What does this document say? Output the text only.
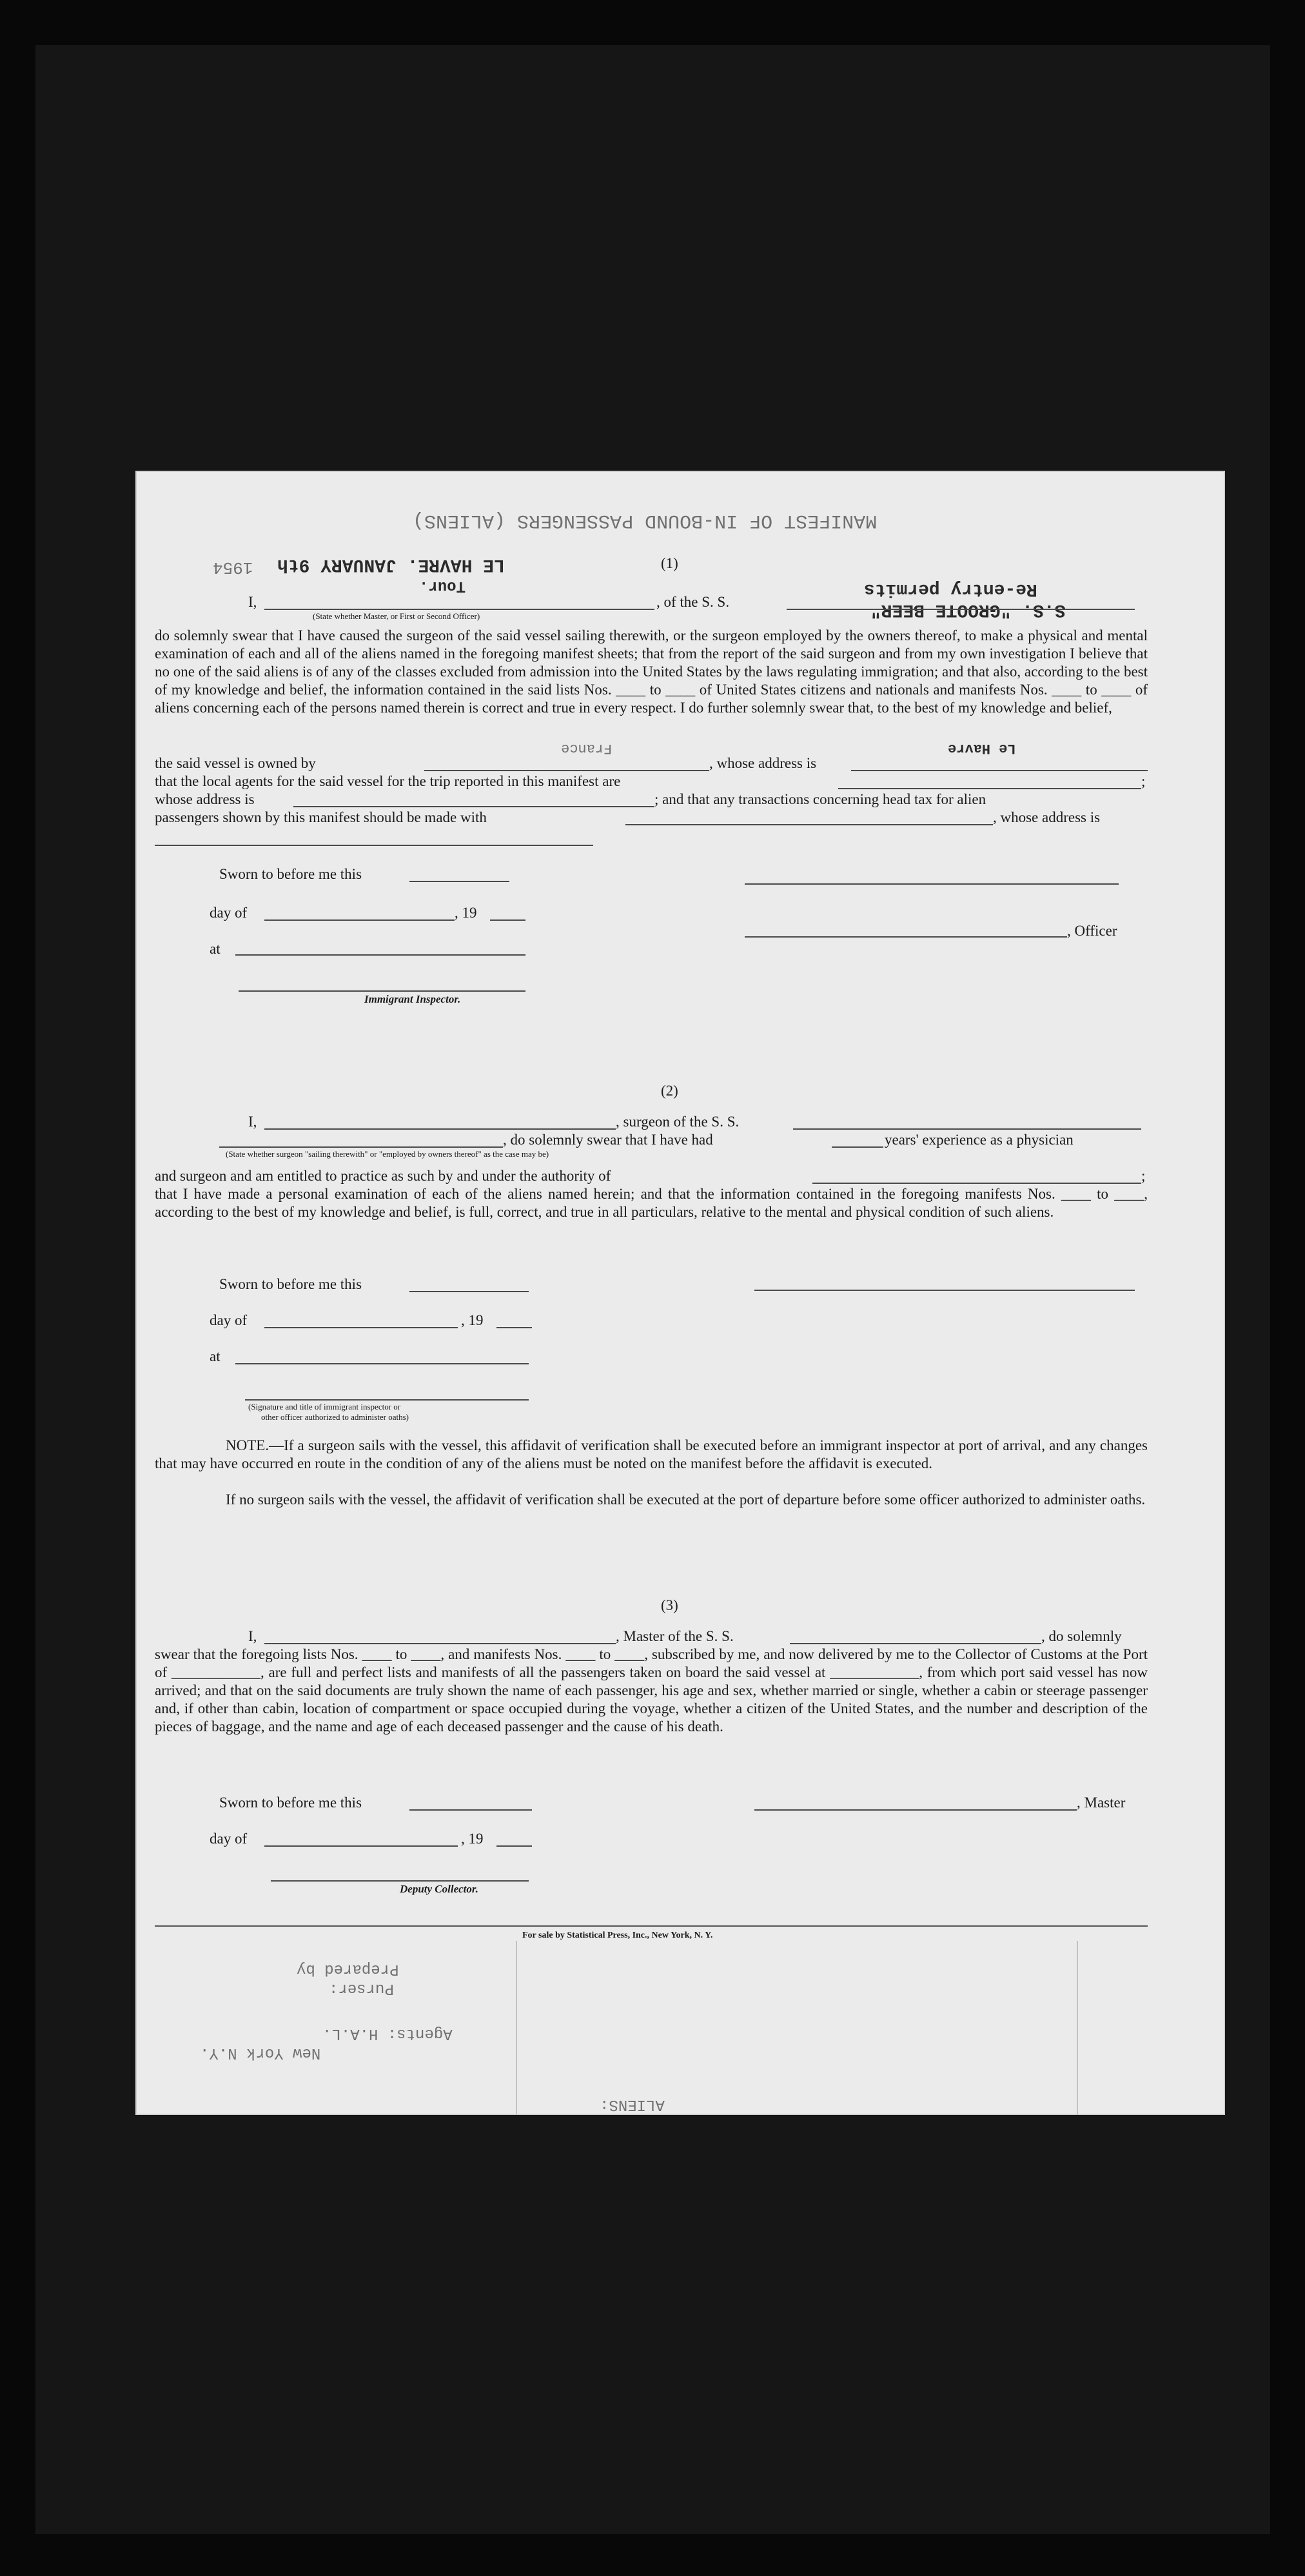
MANIFEST OF IN-BOUND PASSENGERS (ALIENS)
LE HAVRE. JANUARY 9th
1954
Tour.	Re-entry permits
S.S. "GROOTE BEER"
(1)
I,
(State whether Master, or First or Second Officer)
, of the S. S.
do solemnly swear that I have caused the surgeon of the said vessel sailing therewith, or the surgeon employed by the owners thereof, to make a physical and mental examination of each and all of the aliens named in the foregoing manifest sheets; that from the report of the said surgeon and from my own investigation I believe that no one of the said aliens is of any of the classes excluded from admission into the United States by the laws regulating immigration; and that also, according to the best of my knowledge and belief, the information contained in the said lists Nos. ____ to ____ of United States citizens and nationals and manifests Nos. ____ to ____ of aliens concerning each of the persons named therein is correct and true in every respect. I do further solemnly swear that, to the best of my knowledge and belief,
the said vessel is owned by
France
, whose address is
Le Havre
that the local agents for the said vessel for the trip reported in this manifest are	;
whose address is	; and that any transactions concerning head tax for alien
passengers shown by this manifest should be made with	, whose address is
Sworn to before me this
day of	, 19
at
, Officer
Immigrant Inspector.
(2)
I,	, surgeon of the S. S.
, do solemnly swear that I have had	years' experience as a physician
(State whether surgeon "sailing therewith" or "employed by owners thereof" as the case may be)
and surgeon and am entitled to practice as such by and under the authority of	;
that I have made a personal examination of each of the aliens named herein; and that the information contained in the foregoing manifests Nos. ____ to ____, according to the best of my knowledge and belief, is full, correct, and true in all particulars, relative to the mental and physical condition of such aliens.
Sworn to before me this
day of	, 19
at
(Signature and title of immigrant inspector or
other officer authorized to administer oaths)
NOTE.—If a surgeon sails with the vessel, this affidavit of verification shall be executed before an immigrant inspector at port of arrival, and any changes that may have occurred en route in the condition of any of the aliens must be noted on the manifest before the affidavit is executed.
If no surgeon sails with the vessel, the affidavit of verification shall be executed at the port of departure before some officer authorized to administer oaths.
(3)
I,	, Master of the S. S.	, do solemnly
swear that the foregoing lists Nos. ____ to ____, and manifests Nos. ____ to ____, subscribed by me, and now delivered by me to the Collector of Customs at the Port of ____________, are full and perfect lists and manifests of all the passengers taken on board the said vessel at ____________, from which port said vessel has now arrived; and that on the said documents are truly shown the name of each passenger, his age and sex, whether married or single, whether a cabin or steerage passenger and, if other than cabin, location of compartment or space occupied during the voyage, whether a citizen of the United States, and the number and description of the pieces of baggage, and the name and age of each deceased passenger and the cause of his death.
Sworn to before me this	, Master
day of	, 19
Deputy Collector.
For sale by Statistical Press, Inc., New York, N. Y.
Prepared by
Purser:
Agents: H.A.L.
New York N.Y.
ALIENS:
